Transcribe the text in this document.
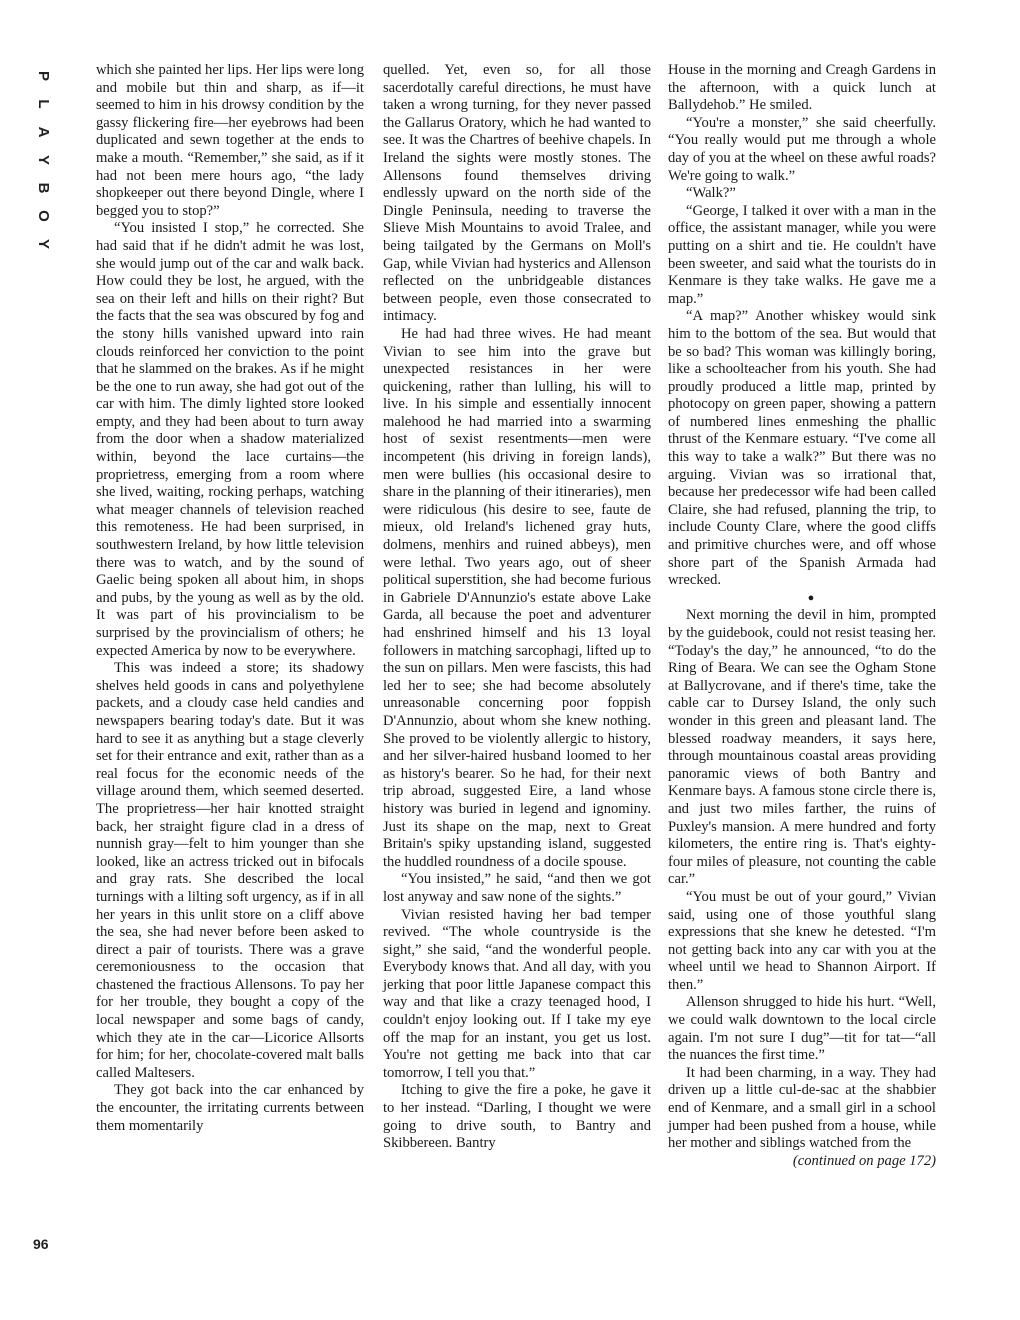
P
L
A
Y
B
O
Y
96

which she painted her lips. Her lips were long and mobile but thin and sharp, as if—it seemed to him in his drowsy condition by the gassy flickering fire—her eyebrows had been duplicated and sewn together at the ends to make a mouth. “Remember,” she said, as if it had not been mere hours ago, “the lady shopkeeper out there beyond Dingle, where I begged you to stop?”

“You insisted I stop,” he corrected. She had said that if he didn't admit he was lost, she would jump out of the car and walk back. How could they be lost, he argued, with the sea on their left and hills on their right? But the facts that the sea was obscured by fog and the stony hills vanished upward into rain clouds reinforced her conviction to the point that he slammed on the brakes. As if he might be the one to run away, she had got out of the car with him. The dimly lighted store looked empty, and they had been about to turn away from the door when a shadow materialized within, beyond the lace curtains—the proprietress, emerging from a room where she lived, waiting, rocking perhaps, watching what meager channels of television reached this remoteness. He had been surprised, in southwestern Ireland, by how little television there was to watch, and by the sound of Gaelic being spoken all about him, in shops and pubs, by the young as well as by the old. It was part of his provincialism to be surprised by the provincialism of others; he expected America by now to be everywhere.

This was indeed a store; its shadowy shelves held goods in cans and polyethylene packets, and a cloudy case held candies and newspapers bearing today's date. But it was hard to see it as anything but a stage cleverly set for their entrance and exit, rather than as a real focus for the economic needs of the village around them, which seemed deserted. The proprietress—her hair knotted straight back, her straight figure clad in a dress of nunnish gray—felt to him younger than she looked, like an actress tricked out in bifocals and gray rats. She described the local turnings with a lilting soft urgency, as if in all her years in this unlit store on a cliff above the sea, she had never before been asked to direct a pair of tourists. There was a grave ceremoniousness to the occasion that chastened the fractious Allensons. To pay her for her trouble, they bought a copy of the local newspaper and some bags of candy, which they ate in the car—Licorice Allsorts for him; for her, chocolate-covered malt balls called Maltesers.

They got back into the car enhanced by the encounter, the irritating currents between them momentarily

quelled. Yet, even so, for all those sacerdotally careful directions, he must have taken a wrong turning, for they never passed the Gallarus Oratory, which he had wanted to see. It was the Chartres of beehive chapels. In Ireland the sights were mostly stones. The Allensons found themselves driving endlessly upward on the north side of the Dingle Peninsula, needing to traverse the Slieve Mish Mountains to avoid Tralee, and being tailgated by the Germans on Moll's Gap, while Vivian had hysterics and Allenson reflected on the unbridgeable distances between people, even those consecrated to intimacy.

He had had three wives. He had meant Vivian to see him into the grave but unexpected resistances in her were quickening, rather than lulling, his will to live. In his simple and essentially innocent malehood he had married into a swarming host of sexist resentments—men were incompetent (his driving in foreign lands), men were bullies (his occasional desire to share in the planning of their itineraries), men were ridiculous (his desire to see, faute de mieux, old Ireland's lichened gray huts, dolmens, menhirs and ruined abbeys), men were lethal. Two years ago, out of sheer political superstition, she had become furious in Gabriele D'Annunzio's estate above Lake Garda, all because the poet and adventurer had enshrined himself and his 13 loyal followers in matching sarcophagi, lifted up to the sun on pillars. Men were fascists, this had led her to see; she had become absolutely unreasonable concerning poor foppish D'Annunzio, about whom she knew nothing. She proved to be violently allergic to history, and her silver-haired husband loomed to her as history's bearer. So he had, for their next trip abroad, suggested Eire, a land whose history was buried in legend and ignominy. Just its shape on the map, next to Great Britain's spiky upstanding island, suggested the huddled roundness of a docile spouse.

“You insisted,” he said, “and then we got lost anyway and saw none of the sights.”

Vivian resisted having her bad temper revived. “The whole countryside is the sight,” she said, “and the wonderful people. Everybody knows that. And all day, with you jerking that poor little Japanese compact this way and that like a crazy teenaged hood, I couldn't enjoy looking out. If I take my eye off the map for an instant, you get us lost. You're not getting me back into that car tomorrow, I tell you that.”

Itching to give the fire a poke, he gave it to her instead. “Darling, I thought we were going to drive south, to Bantry and Skibbereen. Bantry

House in the morning and Creagh Gardens in the afternoon, with a quick lunch at Ballydehob.” He smiled.

“You're a monster,” she said cheerfully. “You really would put me through a whole day of you at the wheel on these awful roads? We're going to walk.”

“Walk?”

“George, I talked it over with a man in the office, the assistant manager, while you were putting on a shirt and tie. He couldn't have been sweeter, and said what the tourists do in Kenmare is they take walks. He gave me a map.”

“A map?” Another whiskey would sink him to the bottom of the sea. But would that be so bad? This woman was killingly boring, like a schoolteacher from his youth. She had proudly produced a little map, printed by photocopy on green paper, showing a pattern of numbered lines enmeshing the phallic thrust of the Kenmare estuary. “I've come all this way to take a walk?” But there was no arguing. Vivian was so irrational that, because her predecessor wife had been called Claire, she had refused, planning the trip, to include County Clare, where the good cliffs and primitive churches were, and off whose shore part of the Spanish Armada had wrecked.

●

Next morning the devil in him, prompted by the guidebook, could not resist teasing her. “Today's the day,” he announced, “to do the Ring of Beara. We can see the Ogham Stone at Ballycrovane, and if there's time, take the cable car to Dursey Island, the only such wonder in this green and pleasant land. The blessed roadway meanders, it says here, through mountainous coastal areas providing panoramic views of both Bantry and Kenmare bays. A famous stone circle there is, and just two miles farther, the ruins of Puxley's mansion. A mere hundred and forty kilometers, the entire ring is. That's eighty-four miles of pleasure, not counting the cable car.”

“You must be out of your gourd,” Vivian said, using one of those youthful slang expressions that she knew he detested. “I'm not getting back into any car with you at the wheel until we head to Shannon Airport. If then.”

Allenson shrugged to hide his hurt. “Well, we could walk downtown to the local circle again. I'm not sure I dug”—tit for tat—“all the nuances the first time.”

It had been charming, in a way. They had driven up a little cul-de-sac at the shabbier end of Kenmare, and a small girl in a school jumper had been pushed from a house, while her mother and siblings watched from the

(continued on page 172)
